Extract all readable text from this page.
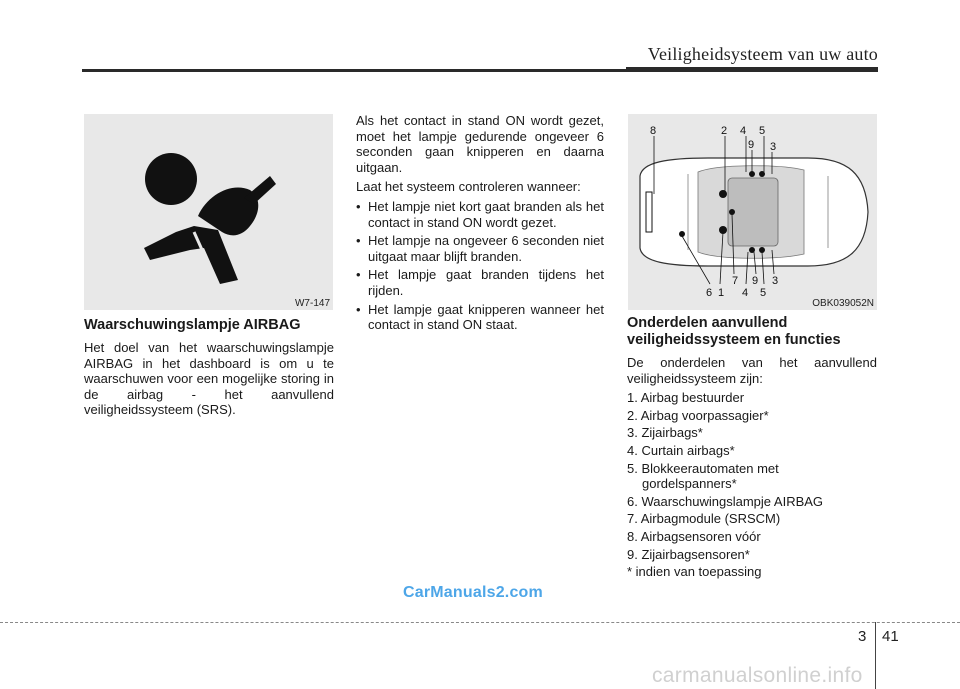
Veiligheidsysteem van uw auto
W7-147

Waarschuwingslampje AIRBAG

Het doel van het waarschuwingslampje AIRBAG in het dashboard is om u te waarschuwen voor een mogelijke storing in de airbag - het aanvullend veiligheidssysteem (SRS).

Als het contact in stand ON wordt gezet, moet het lampje gedurende ongeveer 6 seconden gaan knipperen en daarna uitgaan.

Laat het systeem controleren wanneer:

• Het lampje niet kort gaat branden als het contact in stand ON wordt gezet.
• Het lampje na ongeveer 6 seconden niet uitgaat maar blijft branden.
• Het lampje gaat branden tijdens het rijden.
• Het lampje gaat knipperen wanneer het contact in stand ON staat.
8	2 4 5
9 3
6 1
7
4
9
5
3
OBK039052N

Onderdelen aanvullend

veiligheidssysteem en functies

De onderdelen van het aanvullend veiligheidssysteem zijn:

1. Airbag bestuurder
2. Airbag voorpassagier*
3. Zijairbags*
4. Curtain airbags*
5. Blokkeerautomaten met
gordelspanners*
6. Waarschuwingslampje AIRBAG
7. Airbagmodule (SRSCM)
8. Airbagsensoren vóór
9. Zijairbagsensoren*
* indien van toepassing
CarManuals2.com
3 41
carmanualsonline.info
